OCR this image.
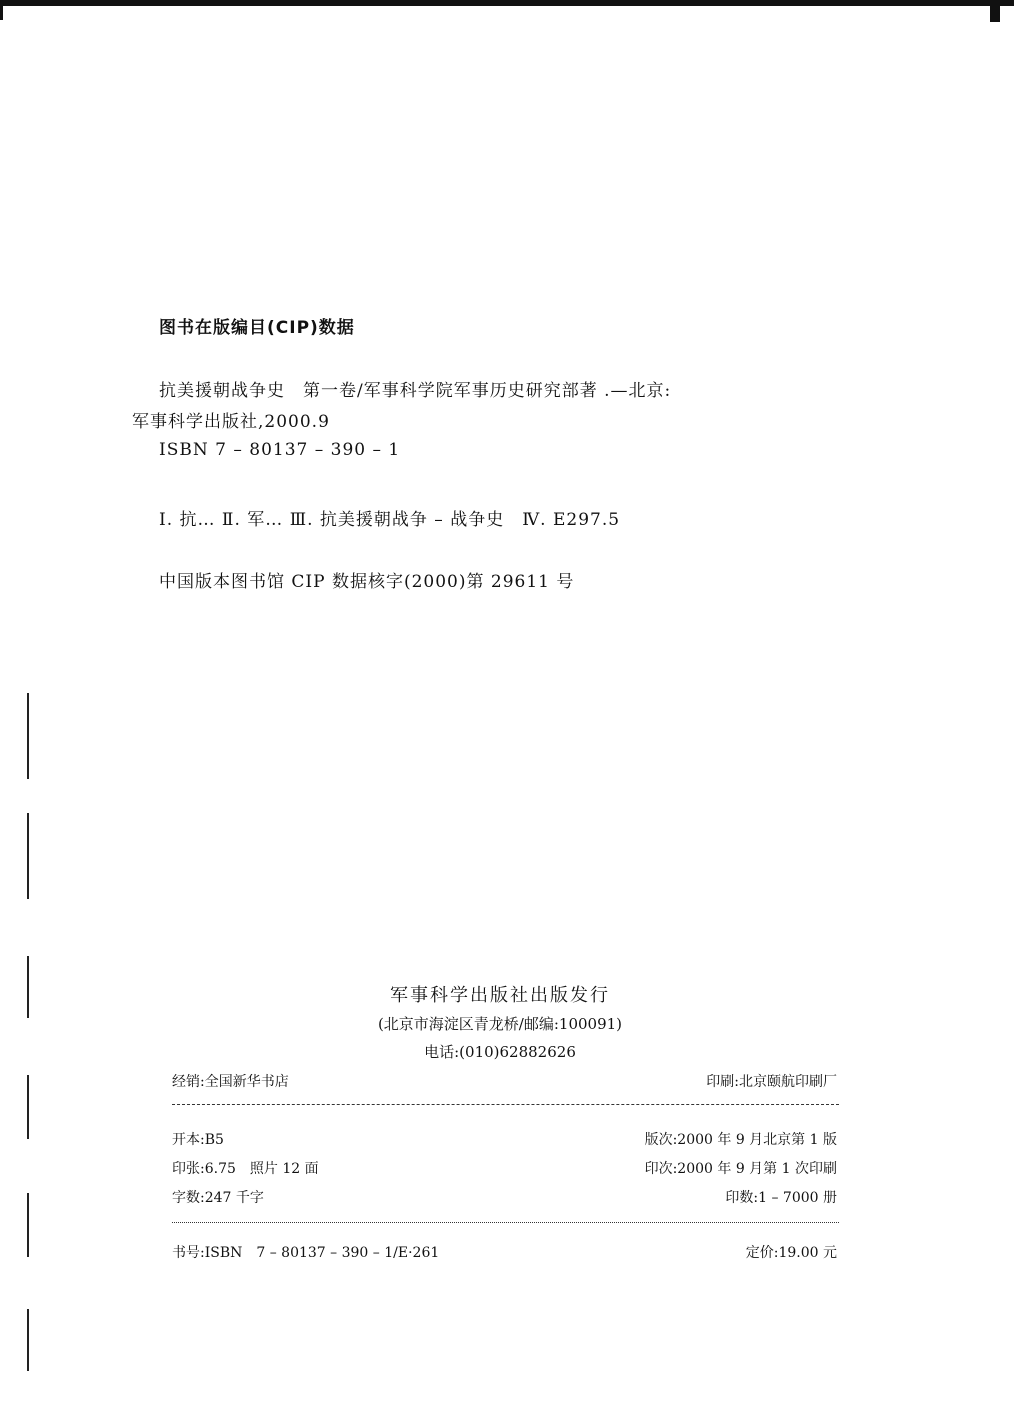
图书在版编目(CIP)数据
抗美援朝战争史　第一卷/军事科学院军事历史研究部著 .—北京:
军事科学出版社,2000.9
ISBN 7 – 80137 – 390 – 1
Ⅰ. 抗… Ⅱ. 军… Ⅲ. 抗美援朝战争 – 战争史　Ⅳ. E297.5
中国版本图书馆 CIP 数据核字(2000)第 29611 号
军事科学出版社出版发行
(北京市海淀区青龙桥/邮编:100091)
电话:(010)62882626
经销:全国新华书店	印刷:北京颐航印刷厂
开本:B5	版次:2000 年 9 月北京第 1 版
印张:6.75　照片 12 面	印次:2000 年 9 月第 1 次印刷
字数:247 千字	印数:1 – 7000 册
书号:ISBN　7 – 80137 – 390 – 1/E·261	定价:19.00 元
